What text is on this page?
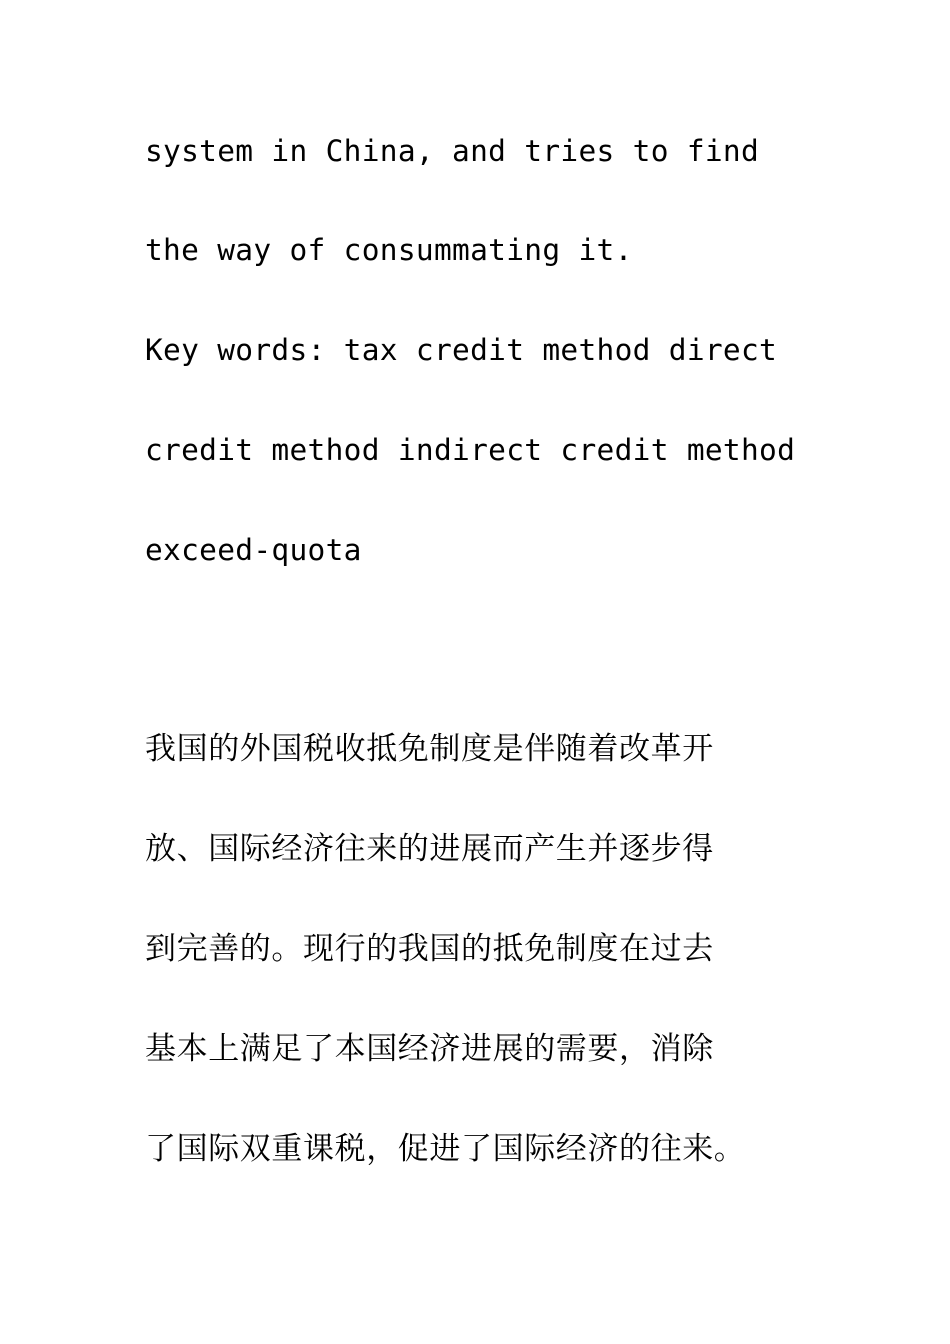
system in China, and tries to find
the way of consummating it.
Key words: tax credit method direct
credit method indirect credit method
exceed-quota
我国的外国税收抵免制度是伴随着改革开
放、国际经济往来的进展而产生并逐步得
到完善的。现行的我国的抵免制度在过去
基本上满足了本国经济进展的需要，消除
了国际双重课税，促进了国际经济的往来。
